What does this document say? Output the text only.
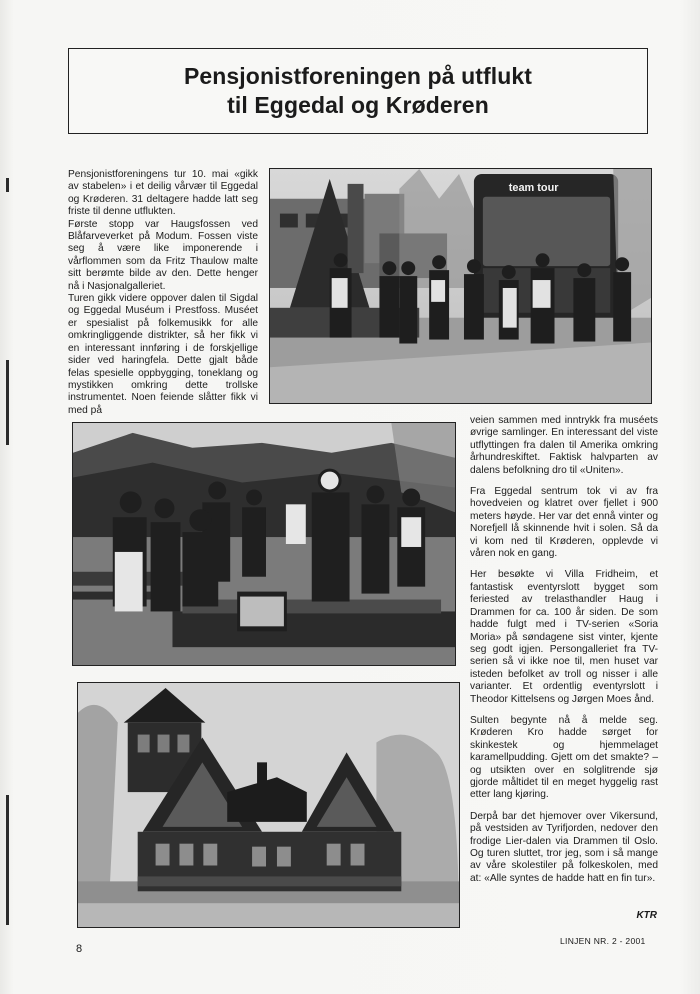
Pensjonistforeningen på utflukt
til Eggedal og Krøderen

Pensjonistforeningens tur 10. mai «gikk av stabelen» i et deilig vårvær til Eggedal og Krøderen. 31 deltagere hadde latt seg friste til denne utflukten.

Første stopp var Haugsfossen ved Blåfarveverket på Modum. Fossen viste seg å være like imponerende i vårflommen som da Fritz Thaulow malte sitt berømte bilde av den. Dette henger nå i Nasjonalgalleriet.

Turen gikk videre oppover dalen til Sigdal og Eggedal Muséum i Prestfoss. Muséet er spesialist på folkemusikk for alle omkringliggende distrikter, så her fikk vi en interessant innføring i de forskjellige sider ved haringfela. Dette gjalt både felas spesielle oppbygging, toneklang og mystikken omkring dette trollske instrumentet. Noen feiende slåtter fikk vi med på

team tour

veien sammen med inntrykk fra muséets øvrige samlinger. En interessant del viste utflyttingen fra dalen til Amerika omkring århundreskiftet. Faktisk halvparten av dalens befolkning dro til «Uniten».

Fra Eggedal sentrum tok vi av fra hovedveien og klatret over fjellet i 900 meters høyde. Her var det ennå vinter og Norefjell lå skinnende hvit i solen. Så da vi kom ned til Krøderen, opplevde vi våren nok en gang.

Her besøkte vi Villa Fridheim, et fantastisk eventyrslott bygget som feriested av trelasthandler Haug i Drammen for ca. 100 år siden. De som hadde fulgt med i TV-serien «Soria Moria» på søndagene sist vinter, kjente seg godt igjen. Persongalleriet fra TV-serien så vi ikke noe til, men huset var isteden befolket av troll og nisser i alle varianter. Et ordentlig eventyrslott i Theodor Kittelsens og Jørgen Moes ånd.

Sulten begynte nå å melde seg. Krøderen Kro hadde sørget for skinkestek og hjemmelaget karamellpudding. Gjett om det smakte? – og utsikten over en solglitrende sjø gjorde måltidet til en meget hyggelig rast etter lang kjøring.

Derpå bar det hjemover over Vikersund, på vestsiden av Tyrifjorden, nedover den frodige Lier-dalen via Drammen til Oslo. Og turen sluttet, tror jeg, som i så mange av våre skolestiler på folkeskolen, med at: «Alle syntes de hadde hatt en fin tur».

KTR
8
LINJEN NR. 2 - 2001
